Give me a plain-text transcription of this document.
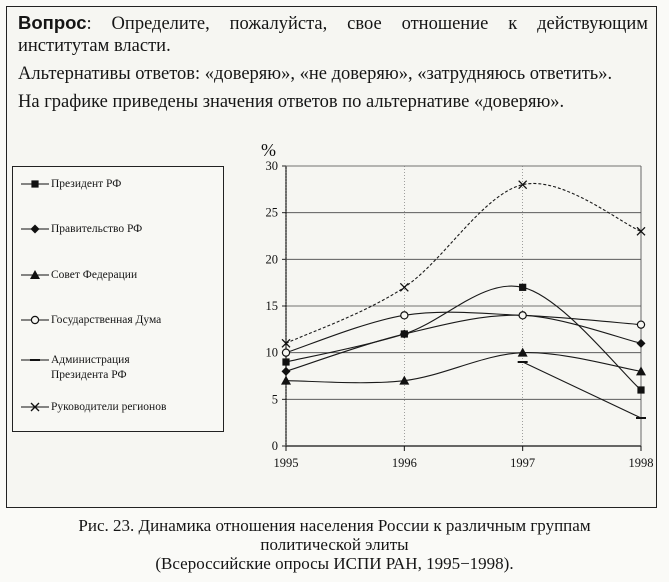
Вопрос: Определите, пожалуйста, свое отношение к действующим институтам власти.

Альтернативы ответов: «доверяю», «не доверяю», «затрудняюсь ответить».

На графике приведены значения ответов по альтернативе «доверяю».

Президент РФ
Правительство РФ
Совет Федерации
Государственная Дума
Администрация Президента РФ
Руководители регионов
0
5
10
15
20
25
30
1995	1996	1997	1998
%
Рис. 23. Динамика отношения населения России к различным группам
политической элиты
(Всероссийские опросы ИСПИ РАН, 1995−1998).
